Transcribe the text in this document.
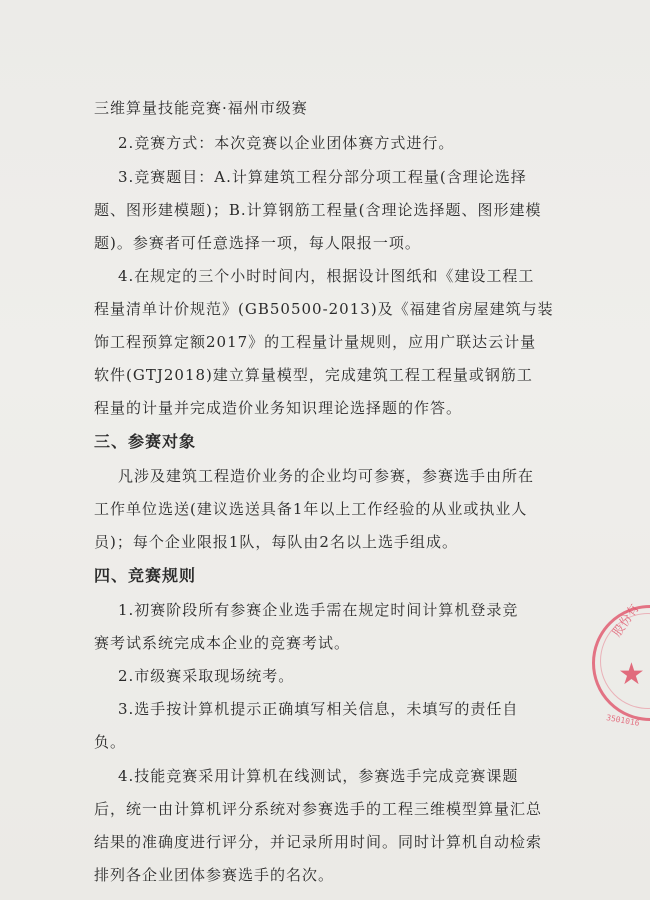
三维算量技能竞赛·福州市级赛
2.竞赛方式：本次竞赛以企业团体赛方式进行。
3.竞赛题目：A.计算建筑工程分部分项工程量(含理论选择
题、图形建模题)；B.计算钢筋工程量(含理论选择题、图形建模
题)。参赛者可任意选择一项，每人限报一项。
4.在规定的三个小时时间内，根据设计图纸和《建设工程工
程量清单计价规范》(GB50500-2013)及《福建省房屋建筑与装
饰工程预算定额2017》的工程量计量规则，应用广联达云计量
软件(GTJ2018)建立算量模型，完成建筑工程工程量或钢筋工
程量的计量并完成造价业务知识理论选择题的作答。
三、参赛对象
凡涉及建筑工程造价业务的企业均可参赛，参赛选手由所在
工作单位选送(建议选送具备1年以上工作经验的从业或执业人
员)；每个企业限报1队，每队由2名以上选手组成。
四、竞赛规则
1.初赛阶段所有参赛企业选手需在规定时间计算机登录竞
赛考试系统完成本企业的竞赛考试。
2.市级赛采取现场统考。
3.选手按计算机提示正确填写相关信息，未填写的责任自
负。
4.技能竞赛采用计算机在线测试，参赛选手完成竞赛课题
后，统一由计算机评分系统对参赛选手的工程三维模型算量汇总
结果的准确度进行评分，并记录所用时间。同时计算机自动检索
排列各企业团体参赛选手的名次。
★
股份有
3501016
